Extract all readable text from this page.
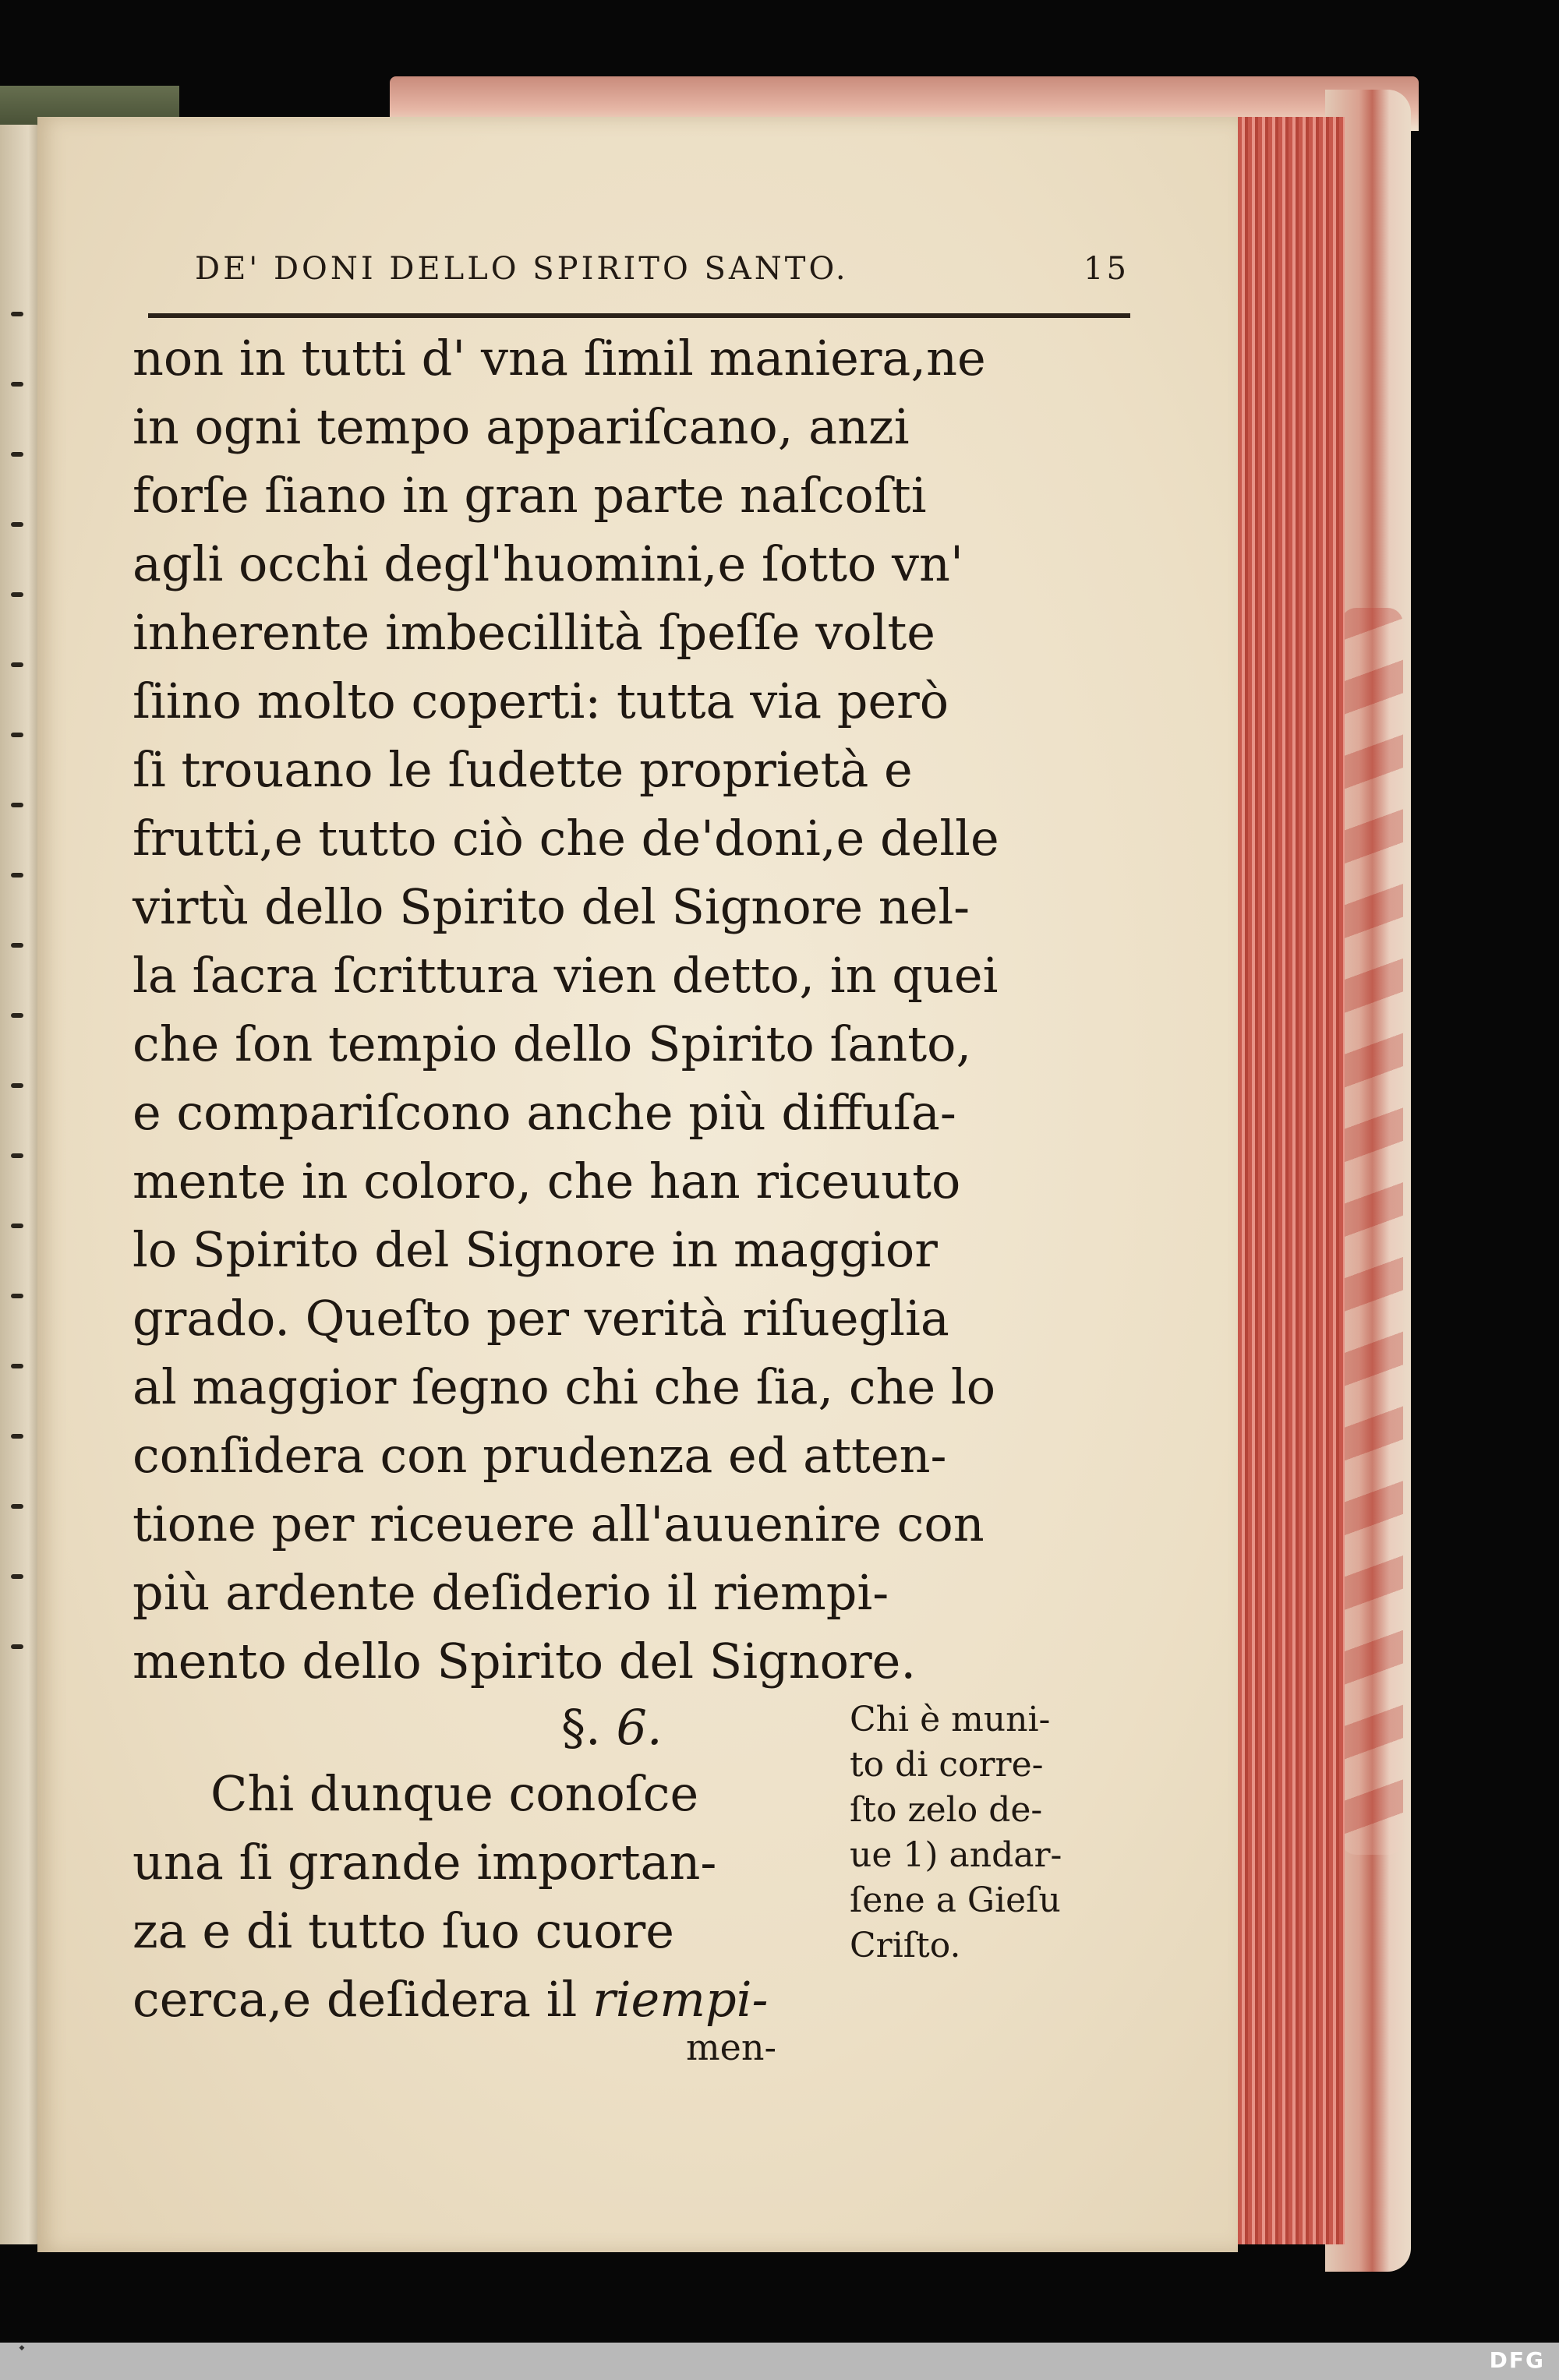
DE' DONI DELLO SPIRITO SANTO.	15
non in tutti d' vna ſimil maniera,ne
in ogni tempo appariſcano, anzi
forſe ſiano in gran parte naſcoſti
agli occhi degl'huomini,e ſotto vn'
inherente imbecillità ſpeſſe volte
ſiino molto coperti: tutta via però
ſi trouano le ſudette proprietà e
frutti,e tutto ciò che de'doni,e delle
virtù dello Spirito del Signore nel-
la ſacra ſcrittura vien detto, in quei
che ſon tempio dello Spirito ſanto,
e compariſcono anche più diffuſa-
mente in coloro, che han riceuuto
lo Spirito del Signore in maggior
grado. Queſto per verità riſueglia
al maggior ſegno chi che ſia, che lo
conſidera con prudenza ed atten-
tione per riceuere all'auuenire con
più ardente deſiderio il riempi-
mento dello Spirito del Signore.
§. 6.
Chi dunque conoſce
una ſi grande importan-
za e di tutto ſuo cuore
cerca,e deſidera il riempi-
Chi è muni-
to di corre-
ſto zelo de-
ue 1) andar-
ſene a Gieſu
Criſto.
men-
◆	DFG
